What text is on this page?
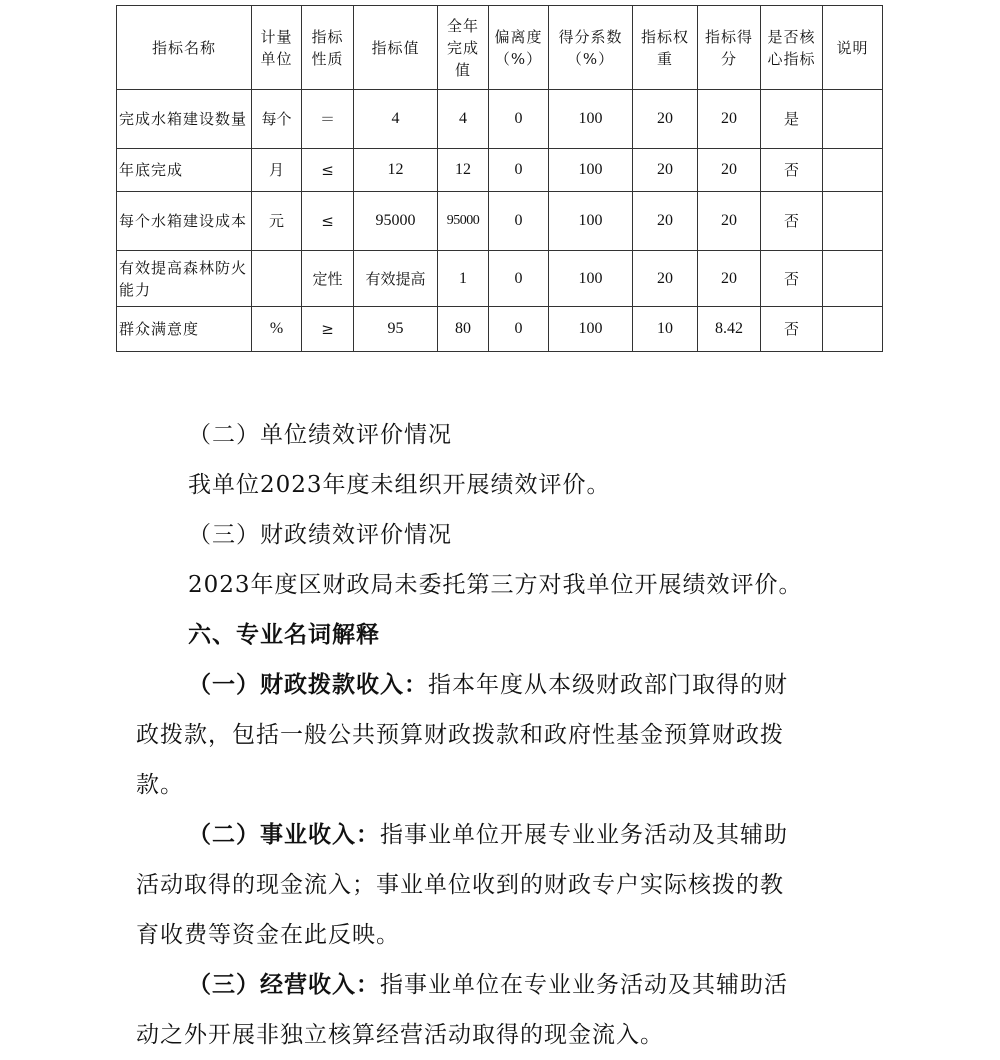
指标名称	计量单位	指标性质	指标值	全年完成值	偏离度（%）	得分系数（%）	指标权重	指标得分	是否核心指标	说明
完成水箱建设数量	每个	＝	4	4	0	100	20	20	是	
年底完成	月	≤	12	12	0	100	20	20	否	
每个水箱建设成本	元	≤	95000	95000	0	100	20	20	否	
有效提高森林防火能力		定性	有效提高	1	0	100	20	20	否	
群众满意度	%	≥	95	80	0	100	10	8.42	否	
（二）单位绩效评价情况
我单位2023年度未组织开展绩效评价。
（三）财政绩效评价情况
2023年度区财政局未委托第三方对我单位开展绩效评价。
六、专业名词解释
（一）财政拨款收入：指本年度从本级财政部门取得的财
政拨款，包括一般公共预算财政拨款和政府性基金预算财政拨
款。
（二）事业收入：指事业单位开展专业业务活动及其辅助
活动取得的现金流入；事业单位收到的财政专户实际核拨的教
育收费等资金在此反映。
（三）经营收入：指事业单位在专业业务活动及其辅助活
动之外开展非独立核算经营活动取得的现金流入。
